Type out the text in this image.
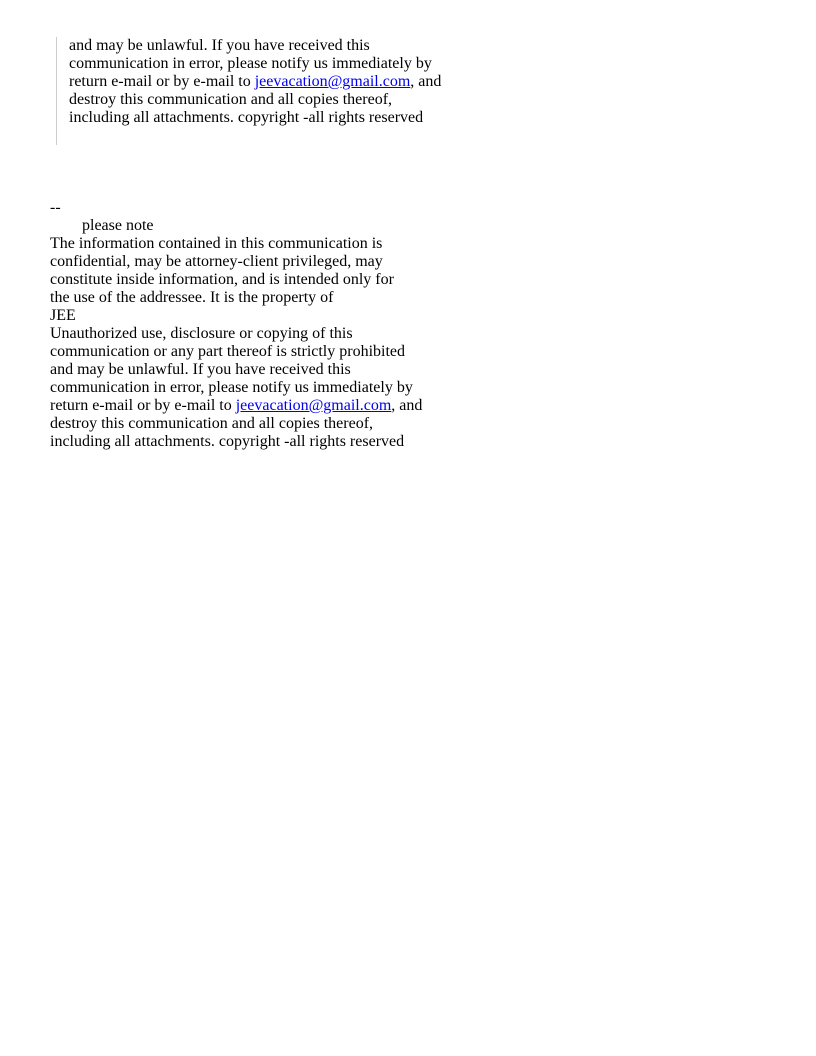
and may be unlawful. If you have received this
communication in error, please notify us immediately by
return e-mail or by e-mail to jeevacation@gmail.com, and
destroy this communication and all copies thereof,
including all attachments. copyright -all rights reserved
--
please note
The information contained in this communication is
confidential, may be attorney-client privileged, may
constitute inside information, and is intended only for
the use of the addressee. It is the property of
JEE
Unauthorized use, disclosure or copying of this
communication or any part thereof is strictly prohibited
and may be unlawful. If you have received this
communication in error, please notify us immediately by
return e-mail or by e-mail to jeevacation@gmail.com, and
destroy this communication and all copies thereof,
including all attachments. copyright -all rights reserved
